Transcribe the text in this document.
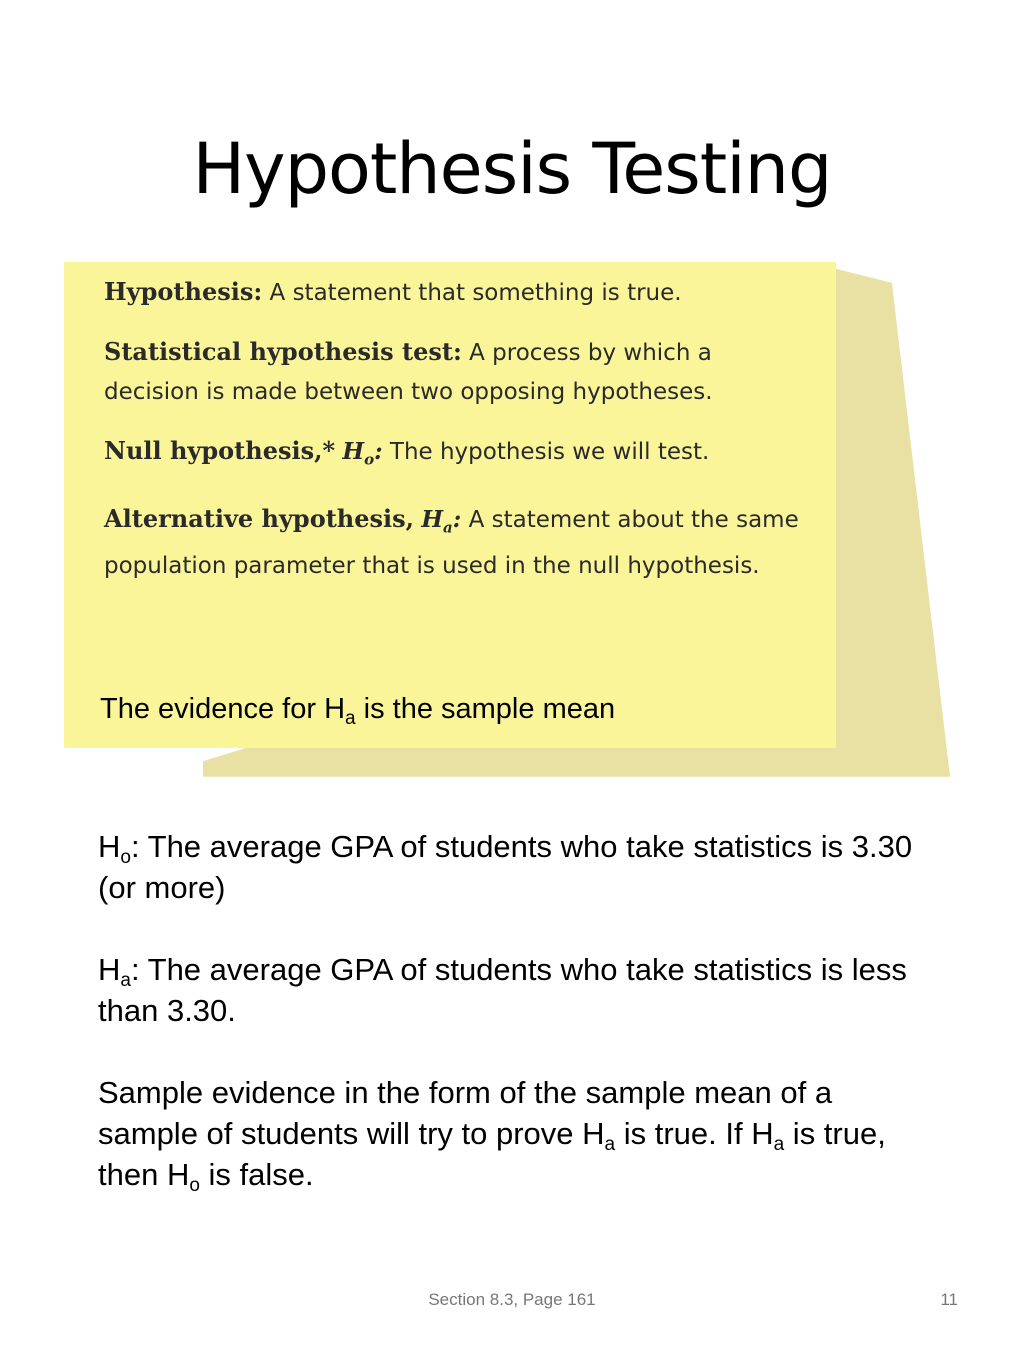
Hypothesis Testing

Hypothesis: A statement that something is true.

Statistical hypothesis test: A process by which a decision is made between two opposing hypotheses.

Null hypothesis,* $H_o$: The hypothesis we will test.

Alternative hypothesis, $H_a$: A statement about the same population parameter that is used in the null hypothesis.

The evidence for $H_a$ is the sample mean

$H_o$: The average GPA of students who take statistics is 3.30 (or more)

$H_a$: The average GPA of students who take statistics is less than 3.30.

Sample evidence in the form of the sample mean of a sample of students will try to prove $H_a$ is true. If $H_a$ is true, then $H_o$ is false.

Section 8.3, Page 161	11
